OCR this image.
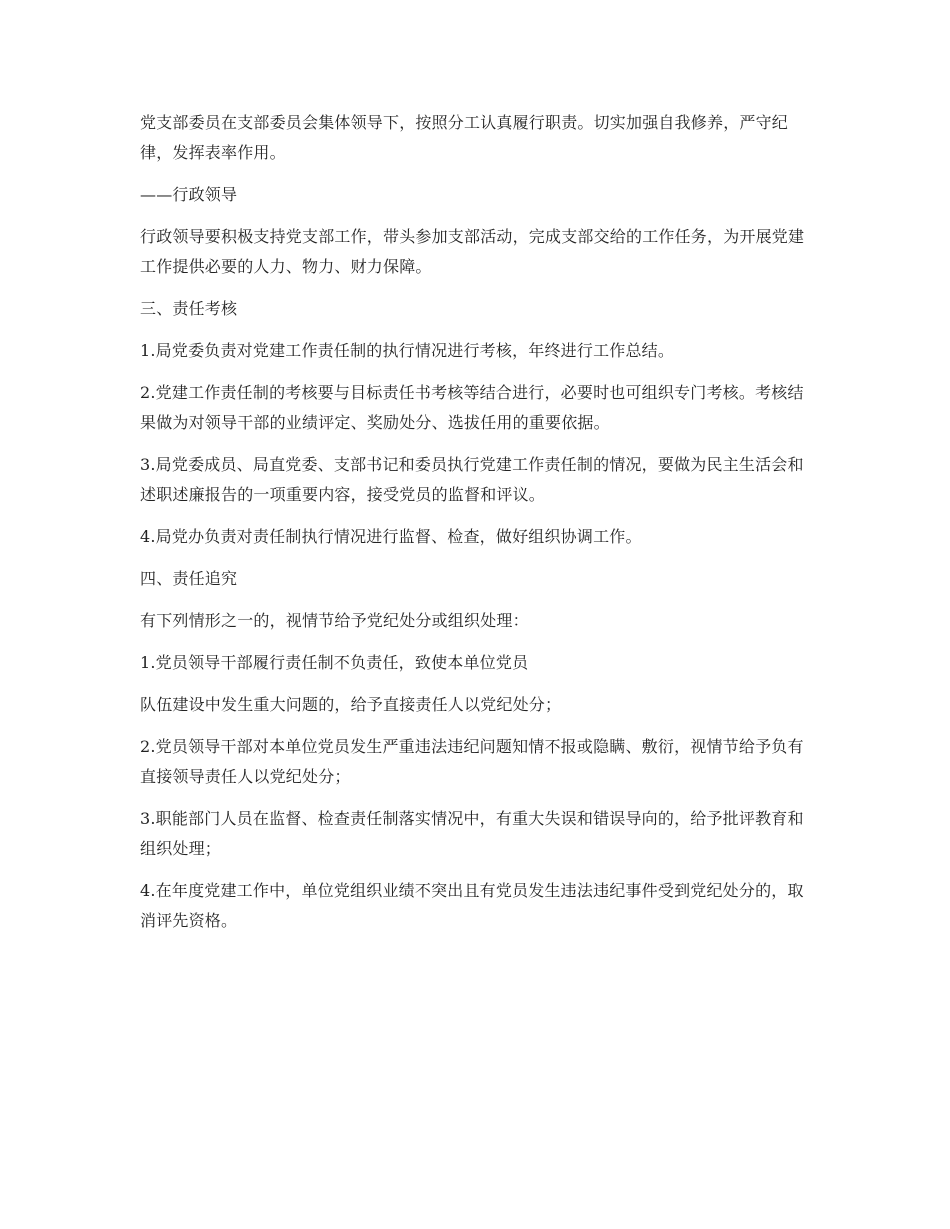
党支部委员在支部委员会集体领导下，按照分工认真履行职责。切实加强自我修养，严守纪律，发挥表率作用。

——行政领导

行政领导要积极支持党支部工作，带头参加支部活动，完成支部交给的工作任务，为开展党建工作提供必要的人力、物力、财力保障。

三、责任考核

1.局党委负责对党建工作责任制的执行情况进行考核，年终进行工作总结。

2.党建工作责任制的考核要与目标责任书考核等结合进行，必要时也可组织专门考核。考核结果做为对领导干部的业绩评定、奖励处分、选拔任用的重要依据。

3.局党委成员、局直党委、支部书记和委员执行党建工作责任制的情况，要做为民主生活会和述职述廉报告的一项重要内容，接受党员的监督和评议。

4.局党办负责对责任制执行情况进行监督、检查，做好组织协调工作。

四、责任追究

有下列情形之一的，视情节给予党纪处分或组织处理：

1.党员领导干部履行责任制不负责任，致使本单位党员

队伍建设中发生重大问题的，给予直接责任人以党纪处分；

2.党员领导干部对本单位党员发生严重违法违纪问题知情不报或隐瞒、敷衍，视情节给予负有直接领导责任人以党纪处分；

3.职能部门人员在监督、检查责任制落实情况中，有重大失误和错误导向的，给予批评教育和组织处理；

4.在年度党建工作中，单位党组织业绩不突出且有党员发生违法违纪事件受到党纪处分的，取消评先资格。
